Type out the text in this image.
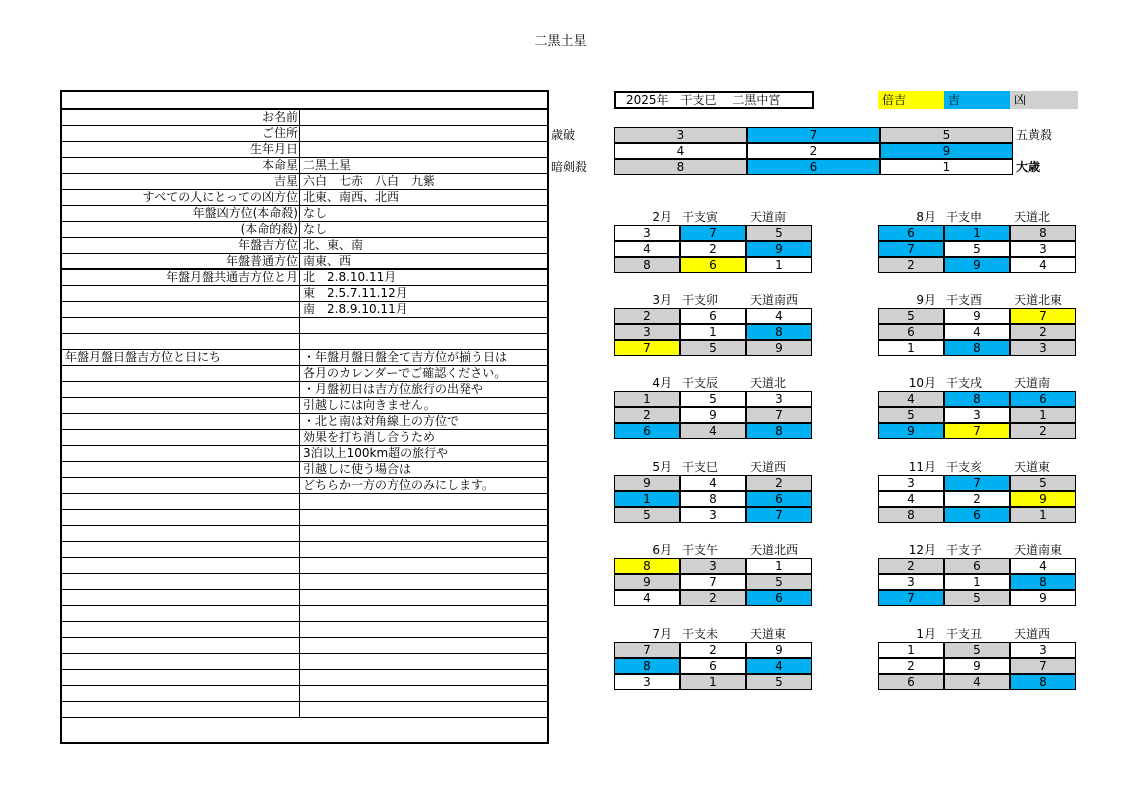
二黒土星
お名前
ご住所
生年月日
本命星 二黒土星
吉星 六白　七赤　八白　九紫
すべての人にとっての凶方位 北東、南西、北西
年盤凶方位(本命殺) なし
(本命的殺) なし
年盤吉方位 北、東、南
年盤普通方位 南東、西
年盤月盤共通吉方位と月 北　2.8.10.11月
東　2.5.7.11.12月
南　2.8.9.10.11月
年盤月盤日盤吉方位と日にち	・年盤月盤日盤全て吉方位が揃う日は
各月のカレンダーでご確認ください。
・月盤初日は吉方位旅行の出発や
引越しには向きません。
・北と南は対角線上の方位で
効果を打ち消し合うため
3泊以上100km超の旅行や
引越しに使う場合は
どちらか一方の方位のみにします。
2025年　干支巳　 二黒中宮	倍吉	吉	凶
3	7	5
歳破	五黄殺
4	2	9
8	6	1
暗剣殺	大歳
2月 干支寅	天道南
3	7	5
4	2	9
8	6	1
3月 干支卯	天道南西
2	6	4
3	1	8
7	5	9
4月 干支辰	天道北
1	5	3
2	9	7
6	4	8
5月 干支巳	天道西
9	4	2
1	8	6
5	3	7
6月 干支午	天道北西
8	3	1
9	7	5
4	2	6
7月 干支未	天道東
7	2	9
8	6	4
3	1	5
8月 干支申	天道北
6	1	8
7	5	3
2	9	4
9月 干支酉	天道北東
5	9	7
6	4	2
1	8	3
10月 干支戌	天道南
4	8	6
5	3	1
9	7	2
11月 干支亥	天道東
3	7	5
4	2	9
8	6	1
12月 干支子	天道南東
2	6	4
3	1	8
7	5	9
1月 干支丑	天道西
1	5	3
2	9	7
6	4	8
